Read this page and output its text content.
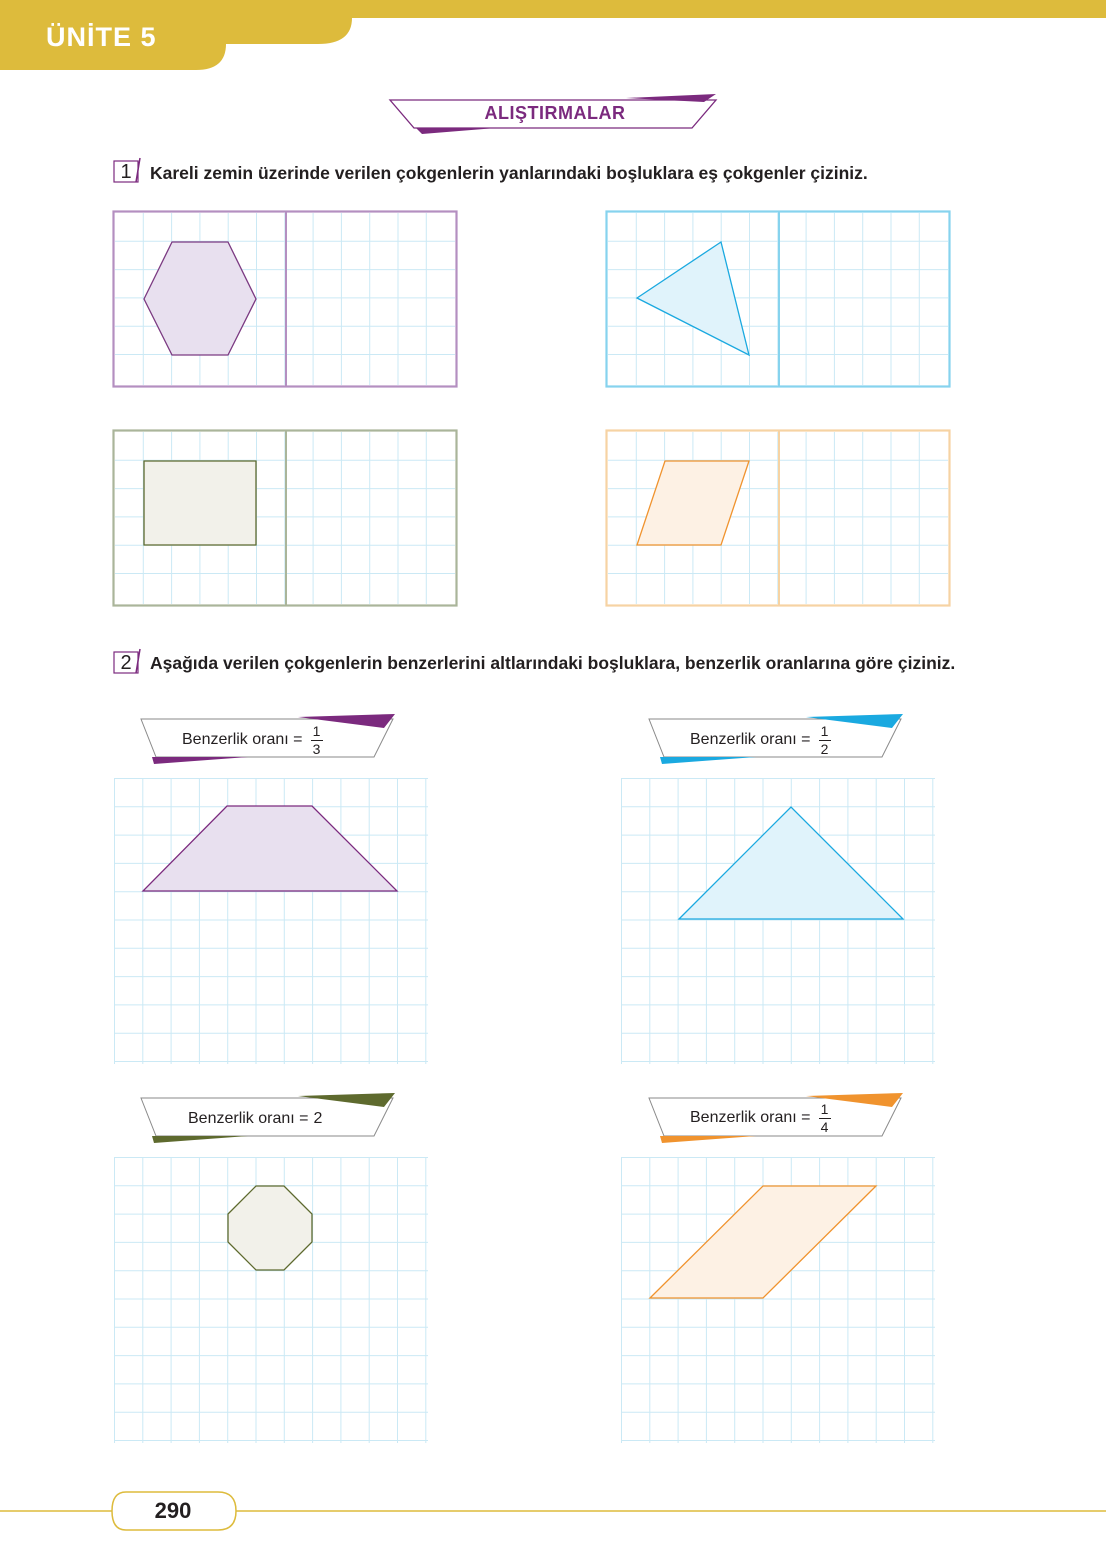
ÜNİTE 5
ALIŞTIRMALAR
1	Kareli zemin üzerinde verilen çokgenlerin yanlarındaki boşluklara eş çokgenler çiziniz.
2	Aşağıda verilen çokgenlerin benzerlerini altlarındaki boşluklara, benzerlik oranlarına göre çiziniz.
Benzerlik oranı = $\frac{1}{3}$	Benzerlik oranı = $\frac{1}{2}$
Benzerlik oranı = 2	Benzerlik oranı = $\frac{1}{4}$
290
